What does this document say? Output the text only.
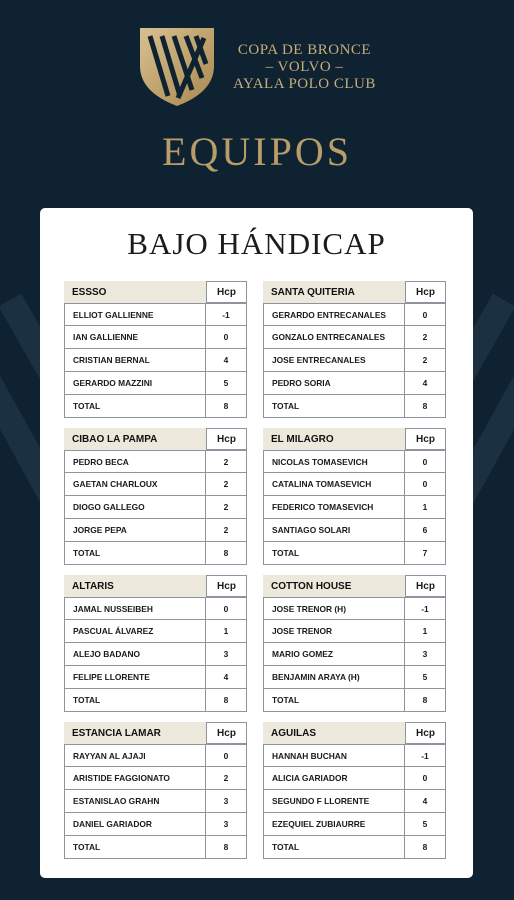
COPA DE BRONCE
– VOLVO –
AYALA POLO CLUB
EQUIPOS
BAJO HÁNDICAP
ESSSO	Hcp
ELLIOT GALLIENNE	-1
IAN GALLIENNE	0
CRISTIAN BERNAL	4
GERARDO MAZZINI	5
TOTAL	8
SANTA QUITERIA	Hcp
GERARDO ENTRECANALES	0
GONZALO ENTRECANALES	2
JOSE ENTRECANALES	2
PEDRO SORIA	4
TOTAL	8
CIBAO LA PAMPA	Hcp
PEDRO BECA	2
GAETAN CHARLOUX	2
DIOGO GALLEGO	2
JORGE PEPA	2
TOTAL	8
EL MILAGRO	Hcp
NICOLAS TOMASEVICH	0
CATALINA TOMASEVICH	0
FEDERICO TOMASEVICH	1
SANTIAGO SOLARI	6
TOTAL	7
ALTARIS	Hcp
JAMAL NUSSEIBEH	0
PASCUAL ÁLVAREZ	1
ALEJO BADANO	3
FELIPE LLORENTE	4
TOTAL	8
COTTON HOUSE	Hcp
JOSE TRENOR (H)	-1
JOSE TRENOR	1
MARIO GOMEZ	3
BENJAMIN ARAYA (H)	5
TOTAL	8
ESTANCIA LAMAR	Hcp
RAYYAN AL AJAJI	0
ARISTIDE FAGGIONATO	2
ESTANISLAO GRAHN	3
DANIEL GARIADOR	3
TOTAL	8
AGUILAS	Hcp
HANNAH BUCHAN	-1
ALICIA GARIADOR	0
SEGUNDO F LLORENTE	4
EZEQUIEL ZUBIAURRE	5
TOTAL	8
